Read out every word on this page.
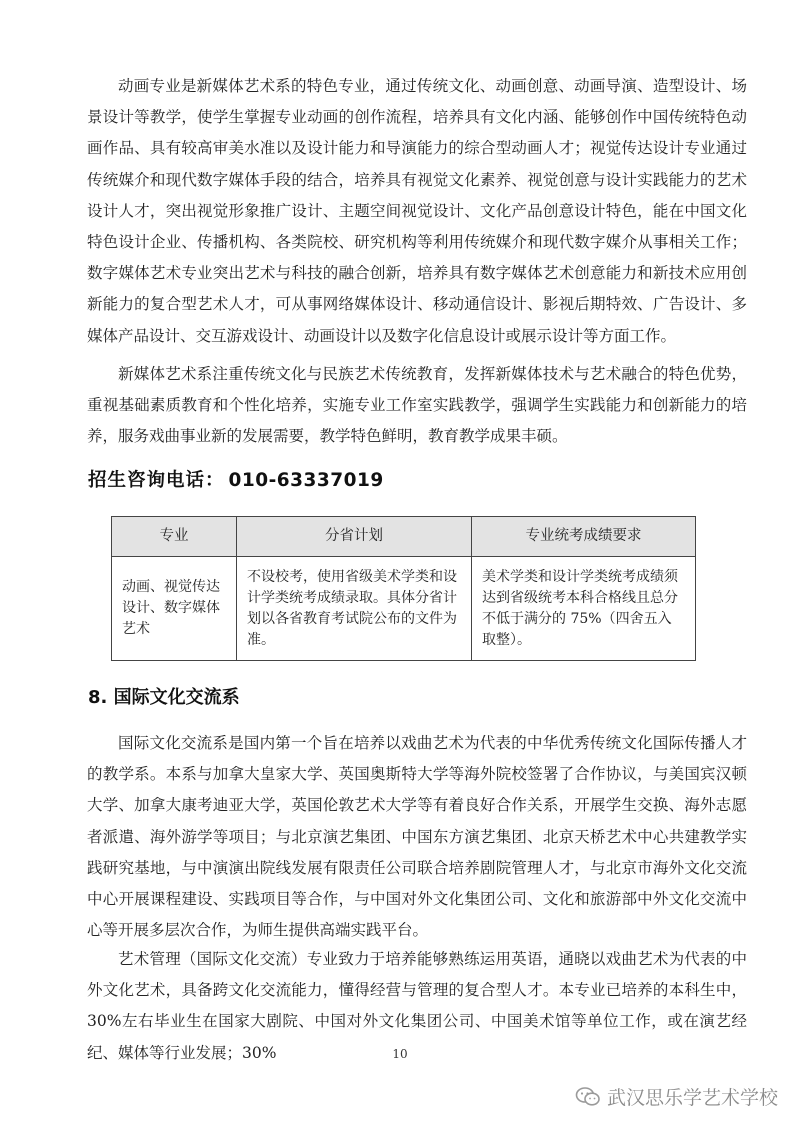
动画专业是新媒体艺术系的特色专业，通过传统文化、动画创意、动画导演、造型设计、场景设计等教学，使学生掌握专业动画的创作流程，培养具有文化内涵、能够创作中国传统特色动画作品、具有较高审美水准以及设计能力和导演能力的综合型动画人才；视觉传达设计专业通过传统媒介和现代数字媒体手段的结合，培养具有视觉文化素养、视觉创意与设计实践能力的艺术设计人才，突出视觉形象推广设计、主题空间视觉设计、文化产品创意设计特色，能在中国文化特色设计企业、传播机构、各类院校、研究机构等利用传统媒介和现代数字媒介从事相关工作；数字媒体艺术专业突出艺术与科技的融合创新，培养具有数字媒体艺术创意能力和新技术应用创新能力的复合型艺术人才，可从事网络媒体设计、移动通信设计、影视后期特效、广告设计、多媒体产品设计、交互游戏设计、动画设计以及数字化信息设计或展示设计等方面工作。

新媒体艺术系注重传统文化与民族艺术传统教育，发挥新媒体技术与艺术融合的特色优势，重视基础素质教育和个性化培养，实施专业工作室实践教学，强调学生实践能力和创新能力的培养，服务戏曲事业新的发展需要，教学特色鲜明，教育教学成果丰硕。

招生咨询电话： 010-63337019
专业	分省计划	专业统考成绩要求
动画、视觉传达设计、数字媒体艺术	不设校考，使用省级美术学类和设计学类统考成绩录取。具体分省计划以各省教育考试院公布的文件为准。	美术学类和设计学类统考成绩须达到省级统考本科合格线且总分不低于满分的 75%（四舍五入取整）。
8. 国际文化交流系

国际文化交流系是国内第一个旨在培养以戏曲艺术为代表的中华优秀传统文化国际传播人才的教学系。本系与加拿大皇家大学、英国奥斯特大学等海外院校签署了合作协议，与美国宾汉顿大学、加拿大康考迪亚大学，英国伦敦艺术大学等有着良好合作关系，开展学生交换、海外志愿者派遣、海外游学等项目；与北京演艺集团、中国东方演艺集团、北京天桥艺术中心共建教学实践研究基地，与中演演出院线发展有限责任公司联合培养剧院管理人才，与北京市海外文化交流中心开展课程建设、实践项目等合作，与中国对外文化集团公司、文化和旅游部中外文化交流中心等开展多层次合作，为师生提供高端实践平台。

艺术管理（国际文化交流）专业致力于培养能够熟练运用英语，通晓以戏曲艺术为代表的中外文化艺术，具备跨文化交流能力，懂得经营与管理的复合型人才。本专业已培养的本科生中，30%左右毕业生在国家大剧院、中国对外文化集团公司、中国美术馆等单位工作，或在演艺经纪、媒体等行业发展；30%	10
武汉思乐学艺术学校
